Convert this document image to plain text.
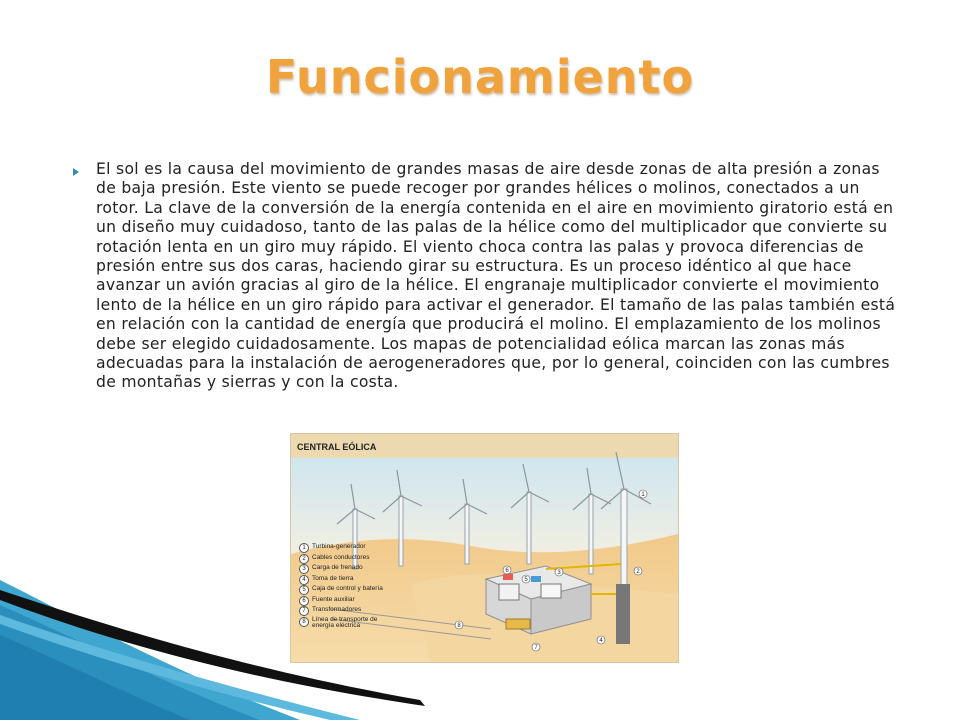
Funcionamiento
El sol es la causa del movimiento de grandes masas de aire desde zonas de alta presión a zonas de baja presión. Este viento se puede recoger por grandes hélices o molinos, conectados a un rotor. La clave de la conversión de la energía contenida en el aire en movimiento giratorio está en un diseño muy cuidadoso, tanto de las palas de la hélice como del multiplicador que convierte su rotación lenta en un giro muy rápido. El viento choca contra las palas y provoca diferencias de presión entre sus dos caras, haciendo girar su estructura. Es un proceso idéntico al que hace avanzar un avión gracias al giro de la hélice. El engranaje multiplicador convierte el movimiento lento de la hélice en un giro rápido para activar el generador. El tamaño de las palas también está en relación con la cantidad de energía que producirá el molino. El emplazamiento de los molinos debe ser elegido cuidadosamente. Los mapas de potencialidad eólica marcan las zonas más adecuadas para la instalación de aerogeneradores que, por lo general, coinciden con las cumbres de montañas y sierras y con la costa.
1
2
3
4
5
6
7
8
CENTRAL EÓLICA
1 Turbina-generador
2 Cables conductores
3 Carga de frenado
4 Toma de tierra
5 Caja de control y batería
6 Fuente auxiliar
7 Transformadores
8 Línea de transporte de energía eléctrica
